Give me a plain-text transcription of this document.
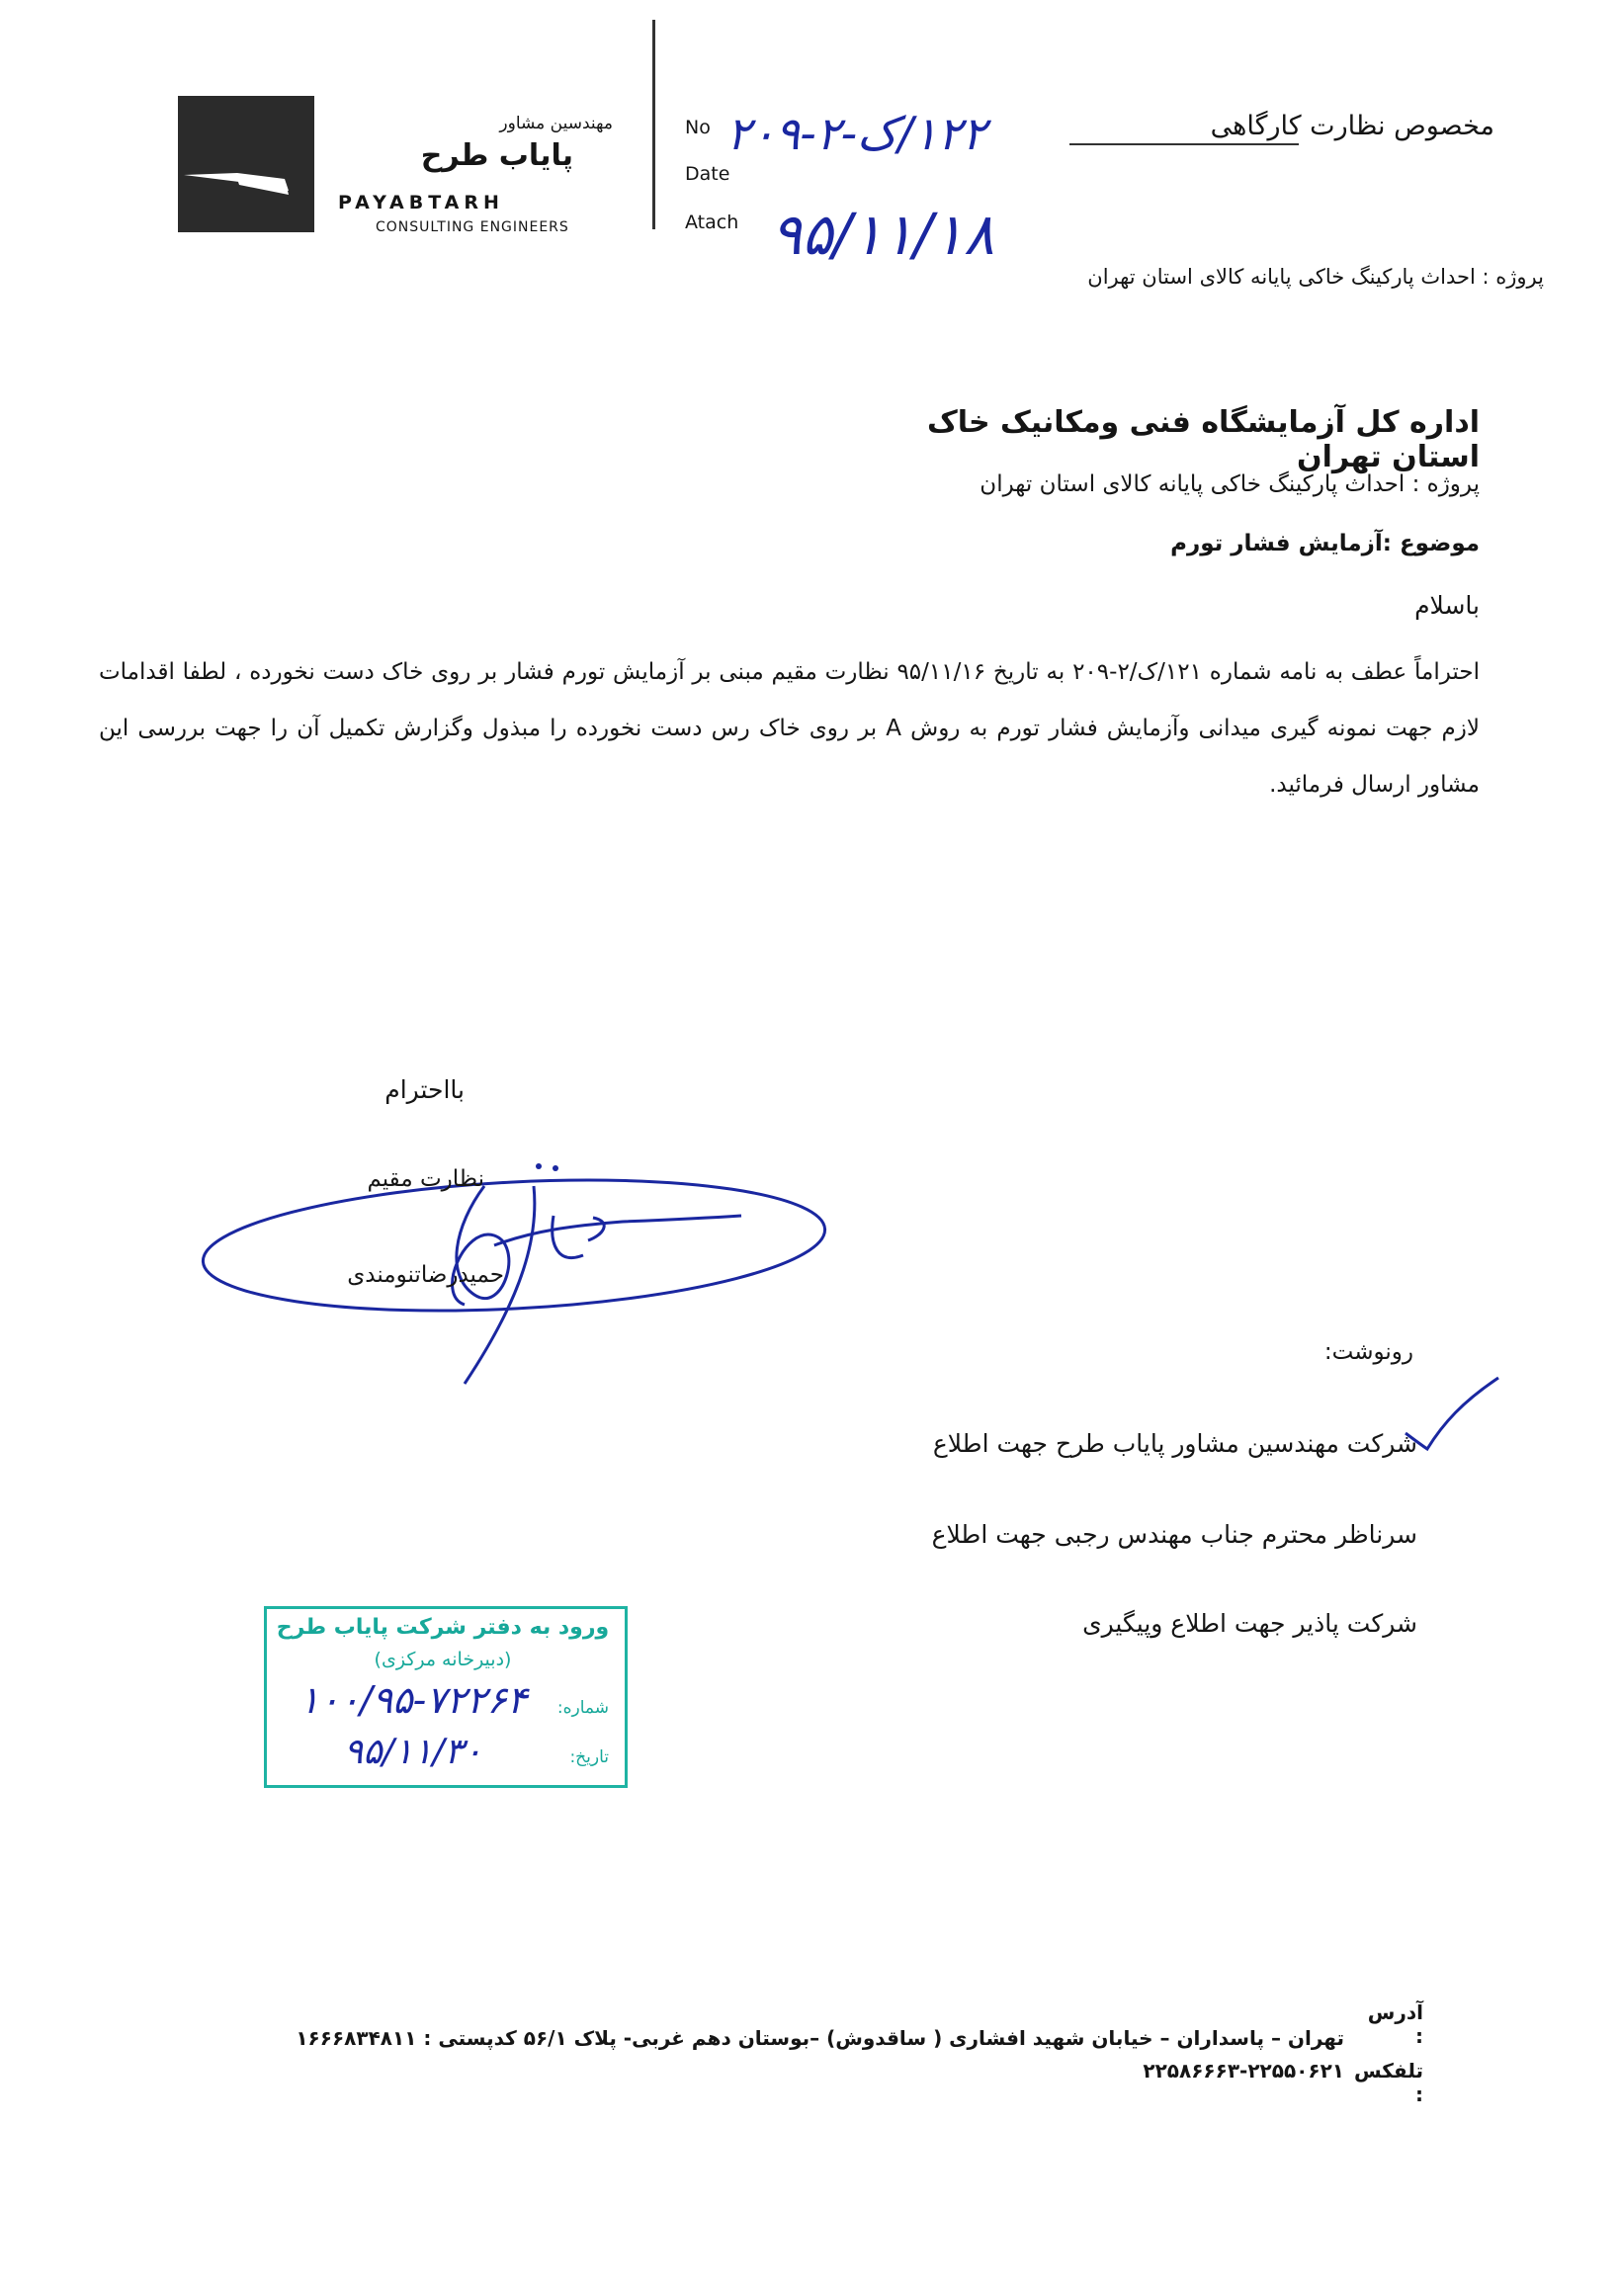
مهندسین مشاور
پایاب طرح
PAYABTARH
CONSULTING ENGINEERS
No
Date
Atach
۱۲۲/ک-۲-۲۰۹
۹۵/۱۱/۱۸
مخصوص نظارت کارگاهی
پروژه : احداث پارکینگ خاکی پایانه کالای استان تهران
اداره کل آزمایشگاه فنی ومکانیک خاک استان تهران
پروژه : احداث پارکینگ خاکی پایانه کالای استان تهران
موضوع :آزمایش فشار تورم
باسلام
احتراماً عطف به نامه شماره ۱۲۱/ک/۲-۲۰۹ به تاریخ ۹۵/۱۱/۱۶ نظارت مقیم مبنی بر آزمایش تورم فشار بر روی خاک دست نخورده ، لطفا اقدامات لازم جهت نمونه گیری میدانی وآزمایش فشار تورم به روش A بر روی خاک رس دست نخورده را مبذول وگزارش تکمیل آن را جهت بررسی این مشاور ارسال فرمائید.
بااحترام
نظارت مقیم
حمیدرضاتنومندی
رونوشت:
شرکت مهندسین مشاور پایاب طرح جهت اطلاع
سرناظر محترم جناب مهندس رجبی جهت اطلاع
شرکت پاذیر جهت اطلاع وپیگیری
ورود به دفتر شرکت پایاب طرح
(دبیرخانه مرکزی)
شماره:
تاریخ:
۱۰۰/۹۵-۷۲۲۶۴
۹۵/۱۱/۳۰
آدرس :
تهران – پاسداران – خیابان شهید افشاری ( ساقدوش) –بوستان دهم غربی- پلاک ۵۶/۱ کدپستی : ۱۶۶۶۸۳۴۸۱۱
تلفکس :
۲۲۵۸۶۶۶۳-۲۲۵۵۰۶۲۱
